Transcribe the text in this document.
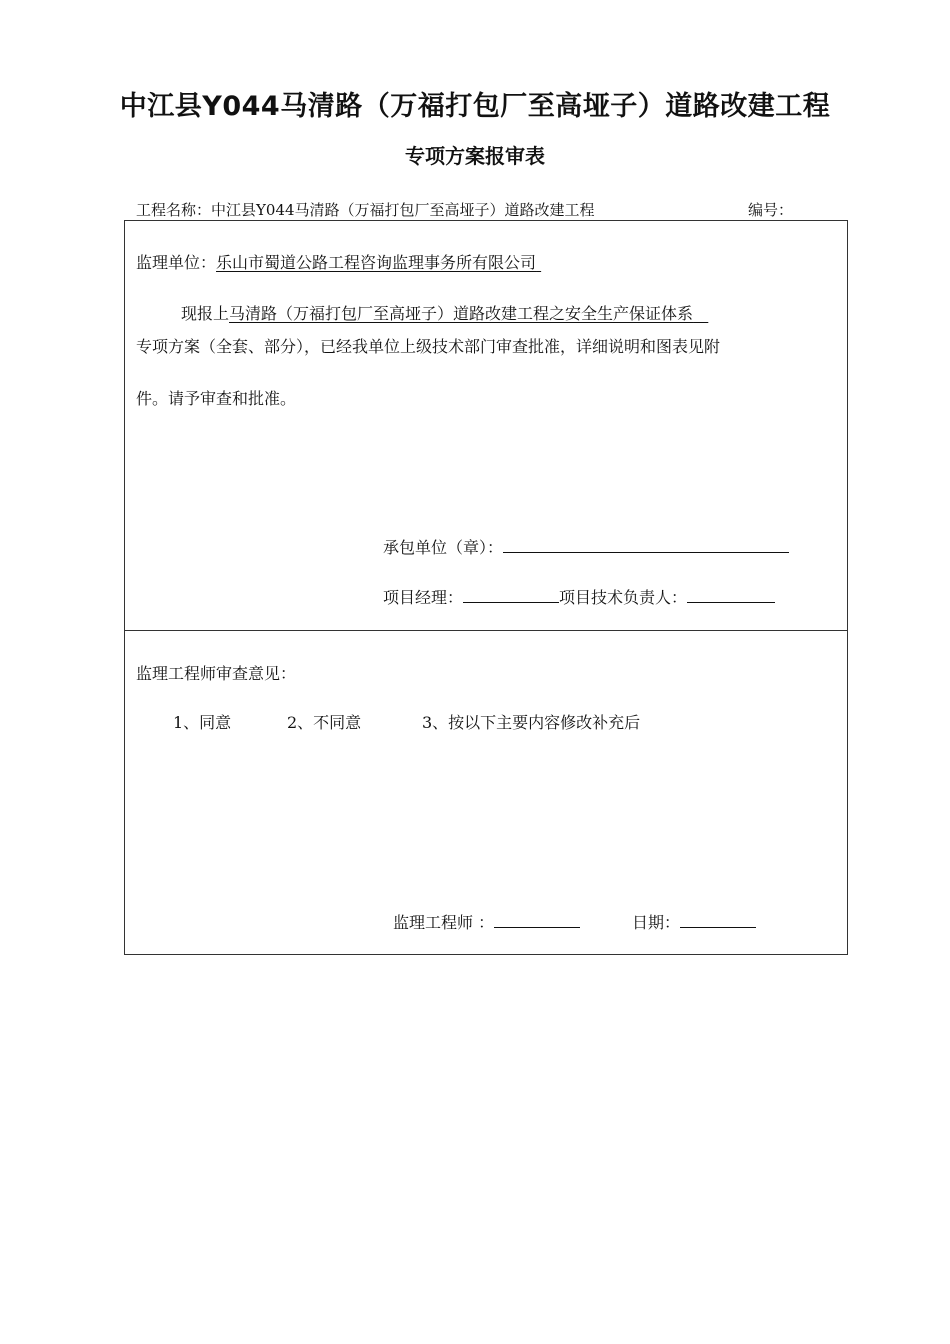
中江县Y044马清路（万福打包厂至高垭子）道路改建工程
专项方案报审表
工程名称：中江县Y044马清路（万福打包厂至高垭子）道路改建工程	编号：
监理单位：乐山市蜀道公路工程咨询监理事务所有限公司
现报上马清路（万福打包厂至高垭子）道路改建工程之安全生产保证体系
专项方案（全套、部分），已经我单位上级技术部门审查批准，详细说明和图表见附
件。请予审查和批准。
承包单位（章）：
项目经理：	项目技术负责人：
监理工程师审查意见：
1、同意	2、不同意	3、按以下主要内容修改补充后
监理工程师 ：	日期：
